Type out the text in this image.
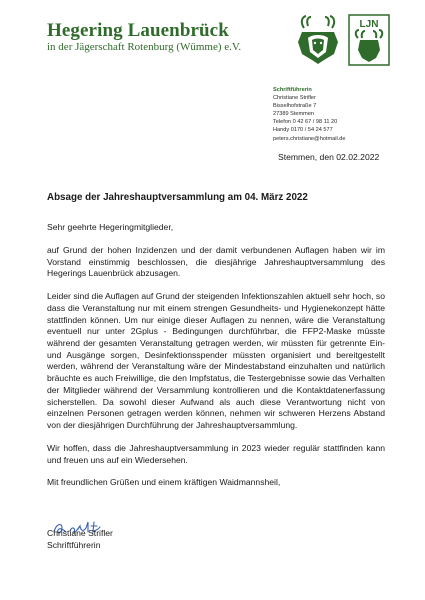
Hegering Lauenbrück
in der Jägerschaft Rotenburg (Wümme) e.V.
LJN
Schriftführerin
Christiane Strifler
Bisselhofstraße 7
27389 Stemmen
Telefon 0 42 67 / 98 11 20
Handy 0170 / 54 24 577
peters.christiane@hotmail.de
Stemmen, den 02.02.2022
Absage der Jahreshauptversammlung am 04. März 2022

Sehr geehrte Hegeringmitglieder,

auf Grund der hohen Inzidenzen und der damit verbundenen Auflagen haben wir im Vorstand einstimmig beschlossen, die diesjährige Jahreshauptversammlung des Hegerings Lauenbrück abzusagen.

Leider sind die Auflagen auf Grund der steigenden Infektionszahlen aktuell sehr hoch, so dass die Veranstaltung nur mit einem strengen Gesundheits- und Hygienekonzept hätte stattfinden können. Um nur einige dieser Auflagen zu nennen, wäre die Veranstaltung eventuell nur unter 2Gplus - Bedingungen durchführbar, die FFP2-Maske müsste während der gesamten Veranstaltung getragen werden, wir müssten für getrennte Ein- und Ausgänge sorgen, Desinfektionsspender müssten organisiert und bereitgestellt werden, während der Veranstaltung wäre der Mindestabstand einzuhalten und natürlich bräuchte es auch Freiwillige, die den Impfstatus, die Testergebnisse sowie das Verhalten der Mitglieder während der Versammlung kontrollieren und die Kontaktdatenerfassung sicherstellen. Da sowohl dieser Aufwand als auch diese Verantwortung nicht von einzelnen Personen getragen werden können, nehmen wir schweren Herzens Abstand von der diesjährigen Durchführung der Jahreshauptversammlung.

Wir hoffen, dass die Jahreshauptversammlung in 2023 wieder regulär stattfinden kann und freuen uns auf ein Wiedersehen.

Mit freundlichen Grüßen und einem kräftigen Waidmannsheil,

Christiane Strifler
Schriftführerin
